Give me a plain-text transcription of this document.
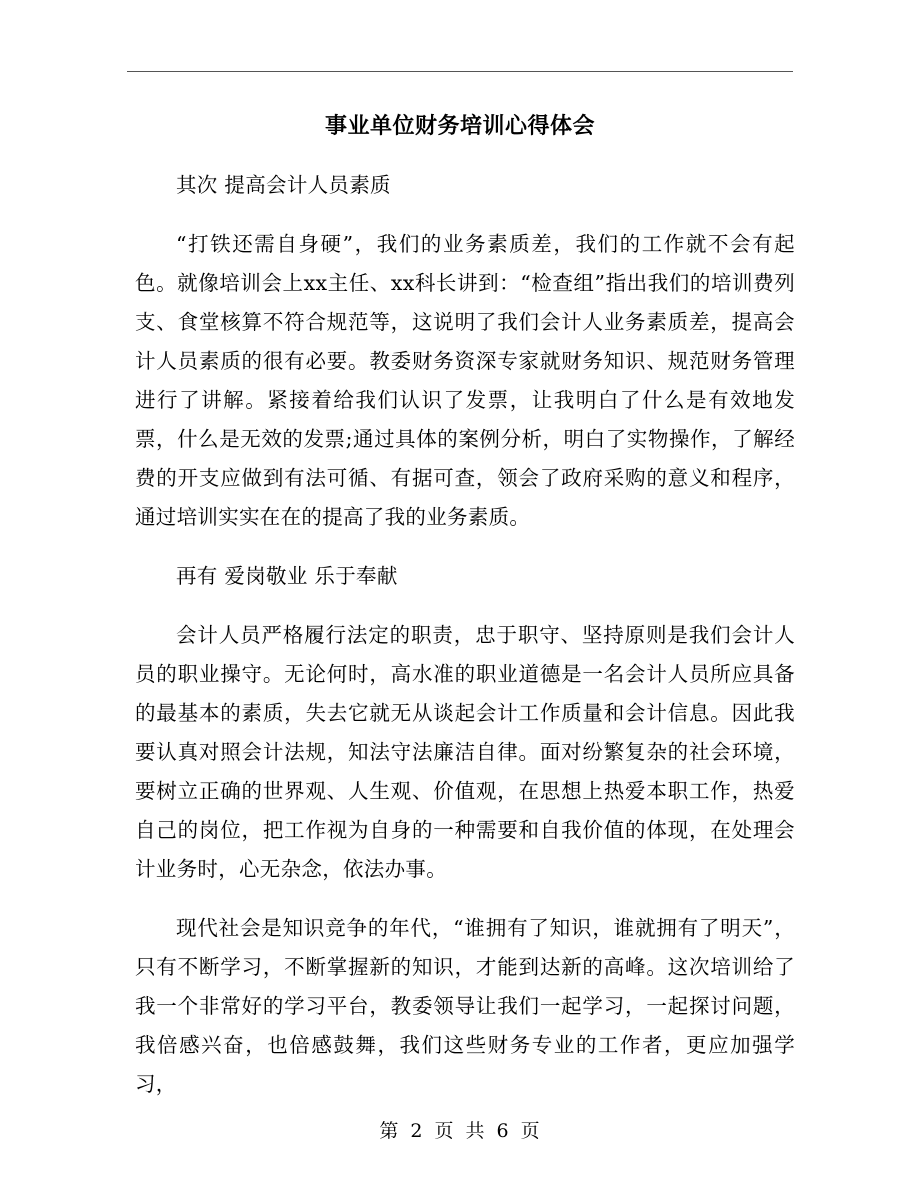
事业单位财务培训心得体会

其次 提高会计人员素质

“打铁还需自身硬”，我们的业务素质差，我们的工作就不会有起色。就像培训会上xx主任、xx科长讲到：“检查组”指出我们的培训费列支、食堂核算不符合规范等，这说明了我们会计人业务素质差，提高会计人员素质的很有必要。教委财务资深专家就财务知识、规范财务管理进行了讲解。紧接着给我们认识了发票，让我明白了什么是有效地发票，什么是无效的发票;通过具体的案例分析，明白了实物操作，了解经费的开支应做到有法可循、有据可查，领会了政府采购的意义和程序，通过培训实实在在的提高了我的业务素质。

再有 爱岗敬业 乐于奉献

会计人员严格履行法定的职责，忠于职守、坚持原则是我们会计人员的职业操守。无论何时，高水准的职业道德是一名会计人员所应具备的最基本的素质，失去它就无从谈起会计工作质量和会计信息。因此我要认真对照会计法规，知法守法廉洁自律。面对纷繁复杂的社会环境，要树立正确的世界观、人生观、价值观，在思想上热爱本职工作，热爱自己的岗位，把工作视为自身的一种需要和自我价值的体现，在处理会计业务时，心无杂念，依法办事。

现代社会是知识竞争的年代，“谁拥有了知识，谁就拥有了明天”，只有不断学习，不断掌握新的知识，才能到达新的高峰。这次培训给了我一个非常好的学习平台，教委领导让我们一起学习，一起探讨问题，我倍感兴奋，也倍感鼓舞，我们这些财务专业的工作者，更应加强学习，

第 2 页 共 6 页
